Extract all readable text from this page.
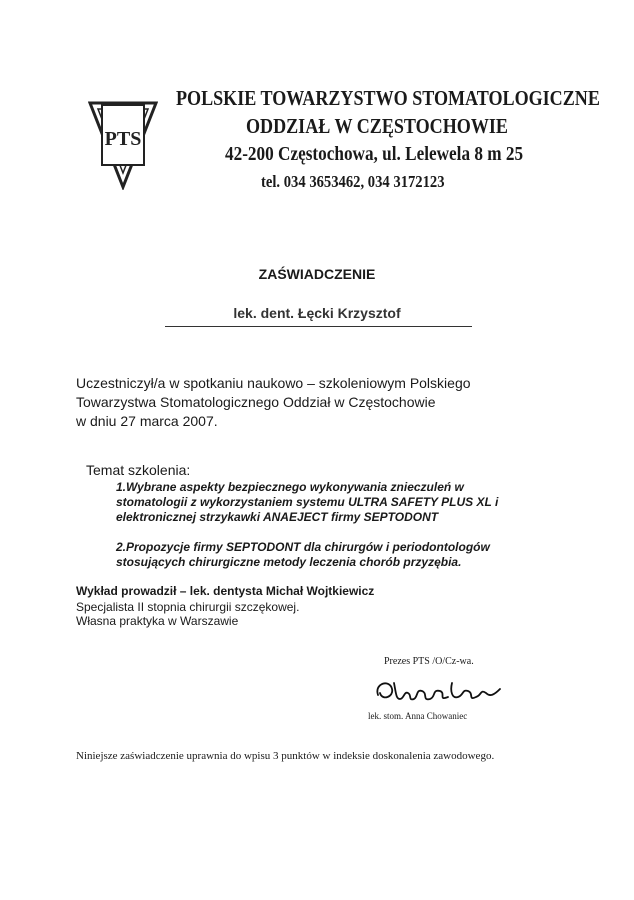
PTS
POLSKIE TOWARZYSTWO STOMATOLOGICZNE
ODDZIAŁ W CZĘSTOCHOWIE
42-200 Częstochowa, ul. Lelewela 8 m 25
tel. 034 3653462, 034 3172123
ZAŚWIADCZENIE
lek. dent. Łęcki Krzysztof
Uczestniczył/a w spotkaniu naukowo – szkoleniowym Polskiego
Towarzystwa Stomatologicznego Oddział w Częstochowie
w dniu 27 marca 2007.
Temat szkolenia:
1.Wybrane aspekty bezpiecznego wykonywania znieczuleń w
stomatologii z wykorzystaniem systemu ULTRA SAFETY PLUS XL i
elektronicznej strzykawki ANAEJECT firmy SEPTODONT
2.Propozycje firmy SEPTODONT dla chirurgów i periodontologów
stosujących chirurgiczne metody leczenia chorób przyzębia.
Wykład prowadził – lek. dentysta Michał Wojtkiewicz
Specjalista II stopnia chirurgii szczękowej.
Własna praktyka w Warszawie
Prezes PTS /O/Cz-wa.
lek. stom. Anna Chowaniec
Niniejsze zaświadczenie uprawnia do wpisu 3 punktów w indeksie doskonalenia zawodowego.
